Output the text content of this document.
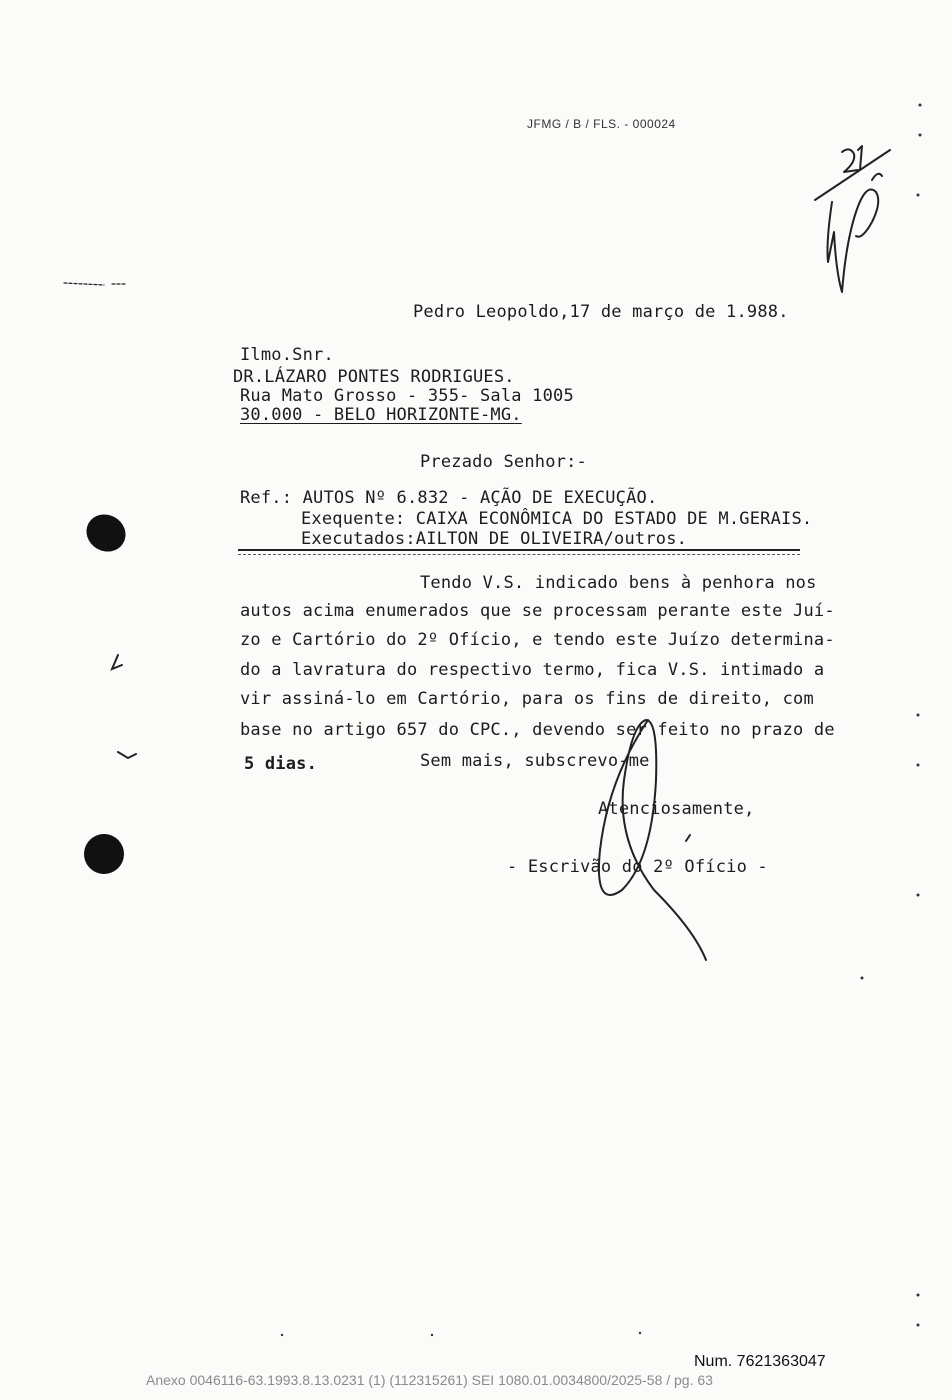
JFMG / B / FLS. - 000024
Pedro Leopoldo,17 de março de 1.988.
Ilmo.Snr.
DR.LÁZARO PONTES RODRIGUES.
Rua Mato Grosso - 355- Sala 1005
30.000 - BELO HORIZONTE-MG.
Prezado Senhor:-
Ref.: AUTOS Nº 6.832 - AÇÃO DE EXECUÇÃO.
Exequente: CAIXA ECONÔMICA DO ESTADO DE M.GERAIS.
Executados:AILTON DE OLIVEIRA/outros.
Tendo V.S. indicado bens à penhora nos
autos acima enumerados que se processam perante este Juí-
zo e Cartório do 2º Ofício, e tendo este Juízo determina-
do a lavratura do respectivo termo, fica V.S. intimado a
vir assiná-lo em Cartório, para os fins de direito, com
base no artigo 657 do CPC., devendo ser feito no prazo de
5 dias.	Sem mais, subscrevo-me
Atenciosamente,
- Escrivão do 2º Ofício -
Num. 7621363047
Anexo 0046116-63.1993.8.13.0231 (1) (112315261) SEI 1080.01.0034800/2025-58 / pg. 63
